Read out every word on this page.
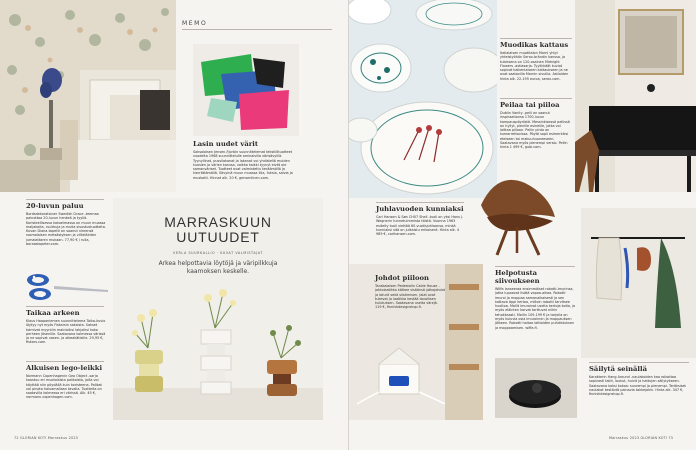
MEMO
Lasin uudet värit

Saksalaisen Jensen-Fjorbin suunnittelemat tekstiilituotteet vuodelta 1968 suunnittelulle ominaisilla värisävyillä. Tyynyliinat, pussilakanat ja lakanat voi yhdistellä muiden kuosien ja värien kanssa, vaikka kaikki tyynyt eivät ole samanväriset. Tuotteet ovat valmistettu keräämällä ja kierrättämällä. Sävyinä muun muassa liila, fuksia, salvia ja muskotti. Hinnat alk. 20 €, gensenlinen.com.

20-luvun paluu

Bordsdekorationer Swedish Grace -teemaa painottaa 20-luvun henkeä ja tyyliä. Koristeellisessa kokoelmassa on muun muassa maljakoita, ruukkuja ja muita sisustustuotteita. Kuvan Diana-tapetti on saanut nimensä roomalaisen metsästyksen ja villieläinten jumalattaren mukaan. 77,90 € / rulla, boraastapeter.com.

Taikaa arkeen

Klaus Haapaniemen suunnittelema Taika-kuvio löytyy nyt myös Fiskarsin saksista. Sakset toimivat myyntiin mainioiksi lahjoiksi koko perheen jäsenille. Saatavana kolmessa värissä ja ne sopivat vasen- ja oikeakätisille. 29,95 €, fiskars.com.

Alkuisen lego-leikki

Normann Copenhagenin Geo Object -sarja koostuu eri muotoisista palikoista, joita voi käyttää niin pöydällä kuin koristeena. Palikat voi pinota haluamallaan tavalla. Tuotteita on saatavilla kolmessa eri värissä. Alk. 45 €, normann-copenhagen.com.

MARRASKUUN UUTUUDET
VERLA SUURKALLIO · KUVAT VALMISTAJAT
Arkea helpottavia löytöjä ja väripilkkuja kaamoksen keskelle.
72 GLORIAN KOTI Marraskuu 2023
Muodikas kattaus

Italialaisen muotitalon Marni yhtyi yhteistyöhön Serax-brändin kanssa, ja tuloksena on 120-osainen Midnight Flowers -astiasarja. Tyylikkäät kuviot sopivat kaikenlaiseen kattaukseen ja ne ovat saatavilla Marnin sivuilla. Astioiden hinta alk. 22-195 euroa, serax.com.

Peilaa tai piiloa

Dublin Vanity -peili on saanut inspiraationsa 1700-luvun kampauspöydistä. Messinkisessä peilissä on hyllyt, pienille esineille, jotka voi laittaa piiloon. Peilin pinta on kumarrettavissa. Pöytä sopii esimerkiksi eteiseen tai makuuhuoneeseen. Saatavana myös pienempi versio. Peilin hinta 1 499 €, gubi.com.

Juhlavuoden kunniaksi

Carl Hansen & Søn CH07 Shell -tuoli on yksi Hans J. Wegnerin tunnetuimmista töistä. Vuonna 1963 esitelty tuoli viettää 60-vuotisjuhlaansa, minkä kunniaksi sitä on julkaistu erikoiserä. Hinta alk. 4 989 €, carlhansen.com.

Johdot piiloon

Tanskalaisen Pedestalin Cable House -johtolaatikko kätkee sisäänsä jatkojohdot ja laturit sekä siistimisen. Jalat ovat tukevat ja laatikko kestää tavallisen kulutuksen. Saatavana useita värejä. 119 €, finnishdesignshop.fi.

Helpotusta siivoukseen

Wiffa lanseeraa ensimmäiset robotti-imurinsa, jotka lupaavat lisätä vapaa-aikaa. Robotti imuroi ja moppaa samanaikaisesti ja sen kattava äppi kertoo, milloin robotti tarvitsee huoltoa. Mallit imuroivat useita kertoja kotia, ja myös eläinten karvat tarttuvat niihin tehokkaasti. Mallin 109-199 € ja tarjolla on myös kuluvia osia imuroinnin ja moppauksen jälkeen. Robotti hoitaa lattioiden puhdistuksen ja moppaamisen. wiffa.fi.

Säilytä seinällä

Karakterin Hang Around -naulakoiden kaa roikottaa sopivasti takit, laukut, huivit ja hattujen säilytykseen. Saatavana kaksi kokoa: suurempi ja pienempi. Teräksiset naulakot kestävät painavia takkejakin. Hinta alk. 347 €, finnishdesignshop.fi.

Marraskuu 2023 GLORIAN KOTI 73
